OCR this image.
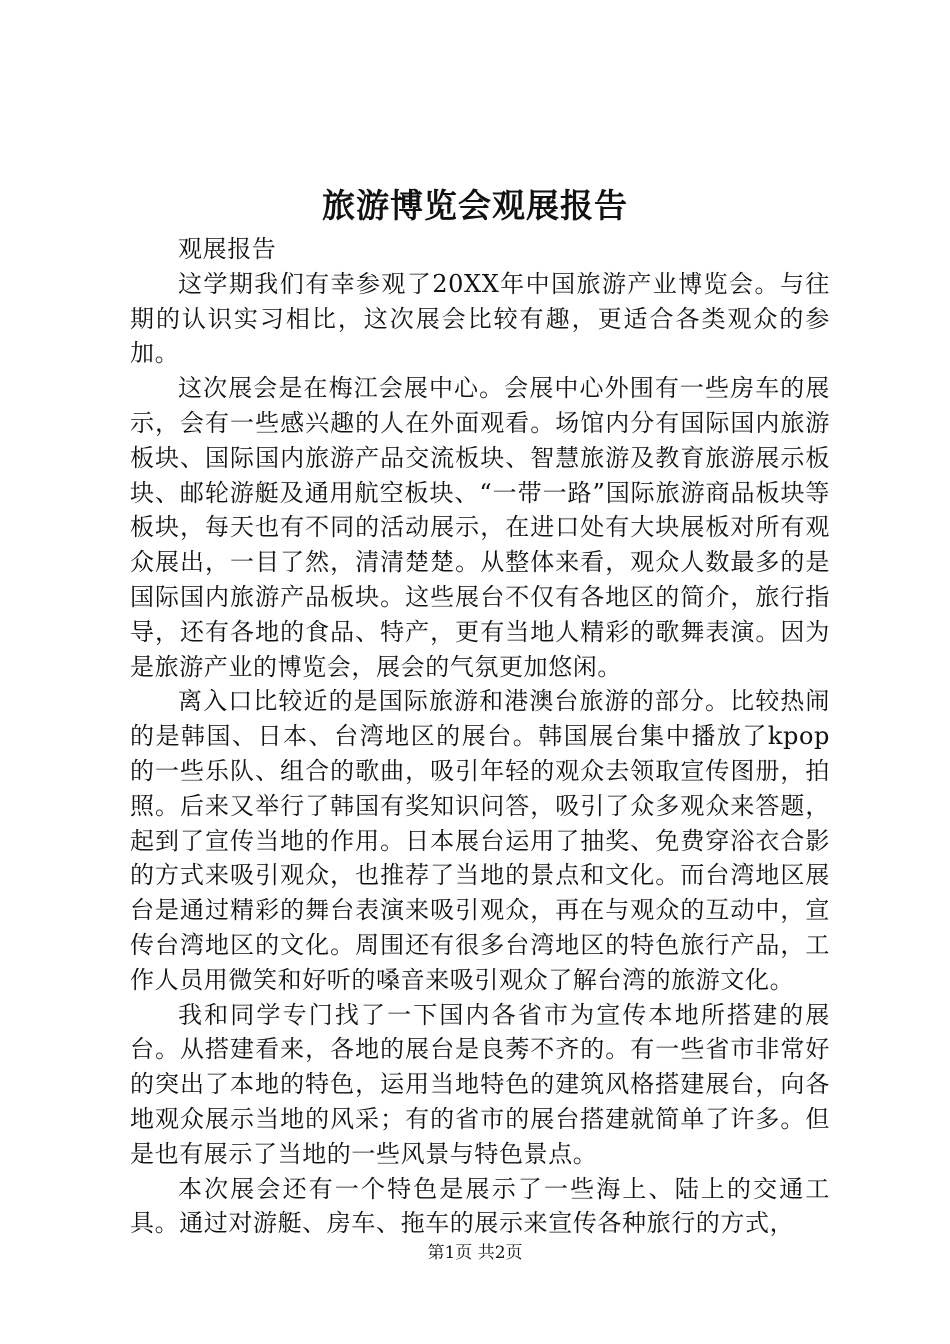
旅游博览会观展报告

观展报告

这学期我们有幸参观了20XX年中国旅游产业博览会。与往期的认识实习相比，这次展会比较有趣，更适合各类观众的参加。

这次展会是在梅江会展中心。会展中心外围有一些房车的展示，会有一些感兴趣的人在外面观看。场馆内分有国际国内旅游板块、国际国内旅游产品交流板块、智慧旅游及教育旅游展示板块、邮轮游艇及通用航空板块、“一带一路”国际旅游商品板块等板块，每天也有不同的活动展示，在进口处有大块展板对所有观众展出，一目了然，清清楚楚。从整体来看，观众人数最多的是国际国内旅游产品板块。这些展台不仅有各地区的简介，旅行指导，还有各地的食品、特产，更有当地人精彩的歌舞表演。因为是旅游产业的博览会，展会的气氛更加悠闲。

离入口比较近的是国际旅游和港澳台旅游的部分。比较热闹的是韩国、日本、台湾地区的展台。韩国展台集中播放了kpop的一些乐队、组合的歌曲，吸引年轻的观众去领取宣传图册，拍照。后来又举行了韩国有奖知识问答，吸引了众多观众来答题，起到了宣传当地的作用。日本展台运用了抽奖、免费穿浴衣合影的方式来吸引观众，也推荐了当地的景点和文化。而台湾地区展台是通过精彩的舞台表演来吸引观众，再在与观众的互动中，宣传台湾地区的文化。周围还有很多台湾地区的特色旅行产品，工作人员用微笑和好听的嗓音来吸引观众了解台湾的旅游文化。

我和同学专门找了一下国内各省市为宣传本地所搭建的展台。从搭建看来，各地的展台是良莠不齐的。有一些省市非常好的突出了本地的特色，运用当地特色的建筑风格搭建展台，向各地观众展示当地的风采；有的省市的展台搭建就简单了许多。但是也有展示了当地的一些风景与特色景点。

本次展会还有一个特色是展示了一些海上、陆上的交通工具。通过对游艇、房车、拖车的展示来宣传各种旅行的方式，

第1页 共2页
